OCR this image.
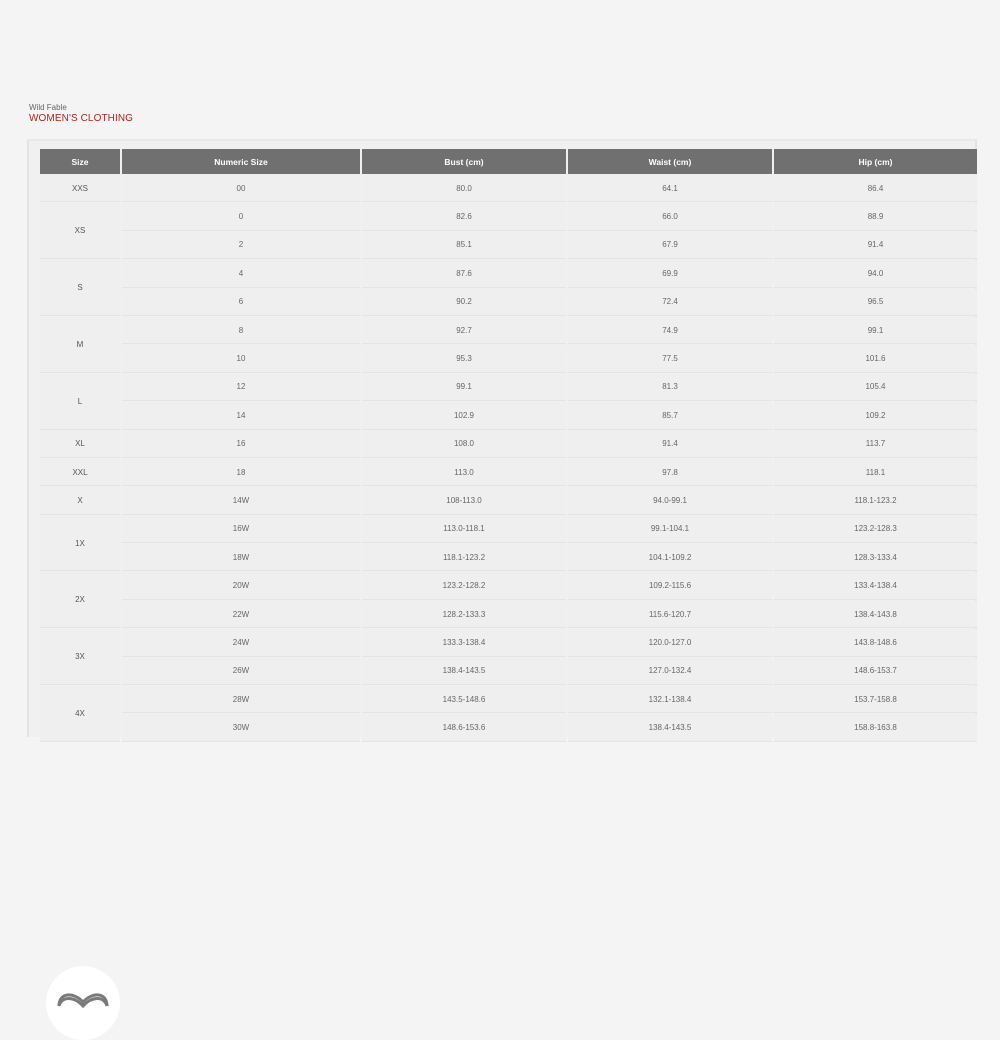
Wild Fable
WOMEN'S CLOTHING
Size	Numeric Size	Bust (cm)	Waist (cm)	Hip (cm)
XXS	00	80.0	64.1	86.4
XS	0	82.6	66.0	88.9
	2	85.1	67.9	91.4
S	4	87.6	69.9	94.0
	6	90.2	72.4	96.5
M	8	92.7	74.9	99.1
	10	95.3	77.5	101.6
L	12	99.1	81.3	105.4
	14	102.9	85.7	109.2
XL	16	108.0	91.4	113.7
XXL	18	113.0	97.8	118.1
X	14W	108-113.0	94.0-99.1	118.1-123.2
1X	16W	113.0-118.1	99.1-104.1	123.2-128.3
	18W	118.1-123.2	104.1-109.2	128.3-133.4
2X	20W	123.2-128.2	109.2-115.6	133.4-138.4
	22W	128.2-133.3	115.6-120.7	138.4-143.8
3X	24W	133.3-138.4	120.0-127.0	143.8-148.6
	26W	138.4-143.5	127.0-132.4	148.6-153.7
4X	28W	143.5-148.6	132.1-138.4	153.7-158.8
	30W	148.6-153.6	138.4-143.5	158.8-163.8
